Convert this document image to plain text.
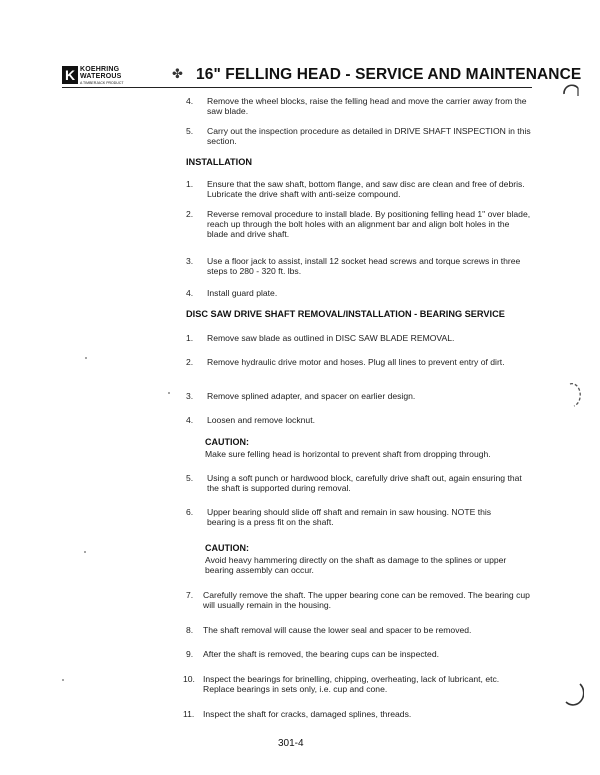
K KOEHRING
WATEROUS
A TIMBERJACK PRODUCT
✤ 16" FELLING HEAD - SERVICE AND MAINTENANCE
4. Remove the wheel blocks, raise the felling head and move the carrier away from the saw blade.
5. Carry out the inspection procedure as detailed in DRIVE SHAFT INSPECTION in this section.
INSTALLATION
1. Ensure that the saw shaft, bottom flange, and saw disc are clean and free of debris. Lubricate the drive shaft with anti-seize compound.
2. Reverse removal procedure to install blade. By positioning felling head 1" over blade, reach up through the bolt holes with an alignment bar and align bolt holes in the blade and drive shaft.
3. Use a floor jack to assist, install 12 socket head screws and torque screws in three steps to 280 - 320 ft. lbs.
4. Install guard plate.
DISC SAW DRIVE SHAFT REMOVAL/INSTALLATION - BEARING SERVICE
1. Remove saw blade as outlined in DISC SAW BLADE REMOVAL.
2. Remove hydraulic drive motor and hoses. Plug all lines to prevent entry of dirt.
3. Remove splined adapter, and spacer on earlier design.
4. Loosen and remove locknut.
CAUTION:
Make sure felling head is horizontal to prevent shaft from dropping through.
5. Using a soft punch or hardwood block, carefully drive shaft out, again ensuring that the shaft is supported during removal.
6. Upper bearing should slide off shaft and remain in saw housing. NOTE this bearing is a press fit on the shaft.
CAUTION:
Avoid heavy hammering directly on the shaft as damage to the splines or upper bearing assembly can occur.
7. Carefully remove the shaft. The upper bearing cone can be removed. The bearing cup will usually remain in the housing.
8. The shaft removal will cause the lower seal and spacer to be removed.
9. After the shaft is removed, the bearing cups can be inspected.
10. Inspect the bearings for brinelling, chipping, overheating, lack of lubricant, etc. Replace bearings in sets only, i.e. cup and cone.
11. Inspect the shaft for cracks, damaged splines, threads.
301-4
